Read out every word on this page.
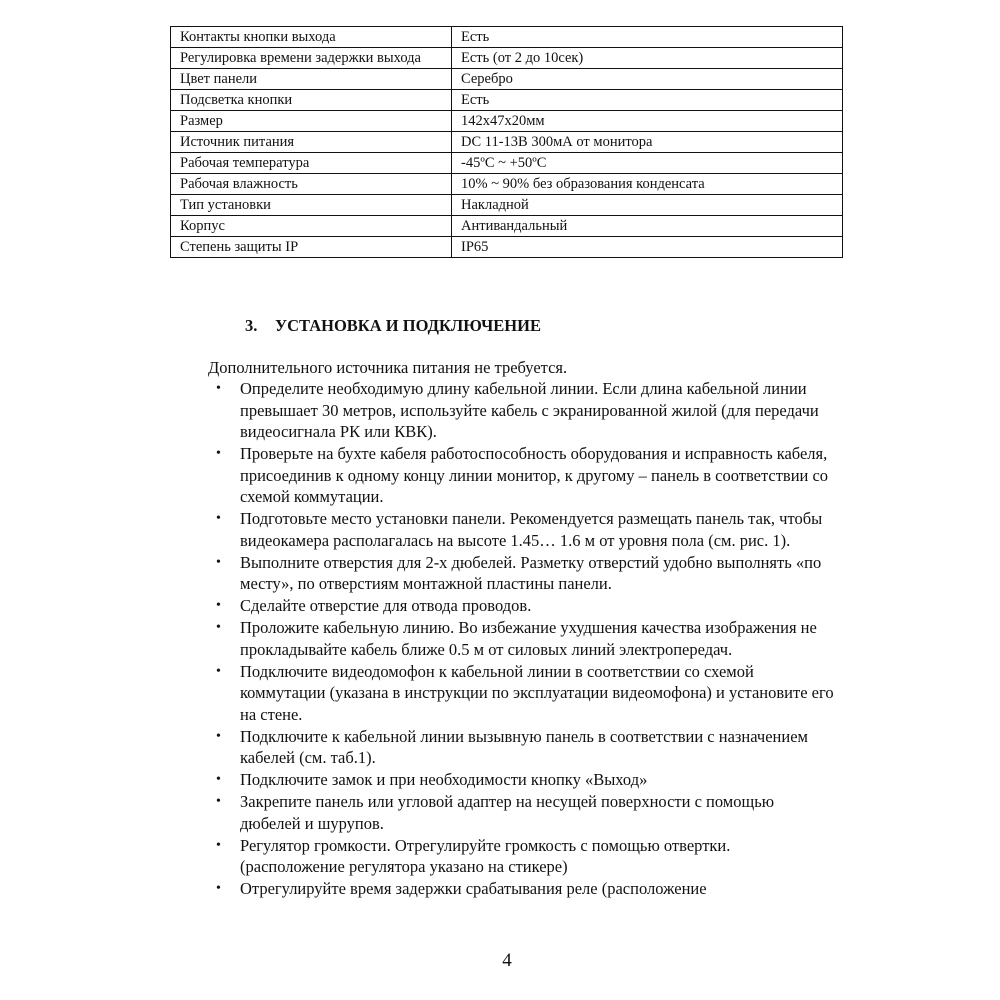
Контакты кнопки выхода	Есть
Регулировка времени задержки выхода	Есть (от 2 до 10сек)
Цвет панели	Серебро
Подсветка кнопки	Есть
Размер	142х47х20мм
Источник питания	DC 11-13В 300мА от монитора
Рабочая температура	-45ºC ~ +50ºC
Рабочая влажность	10% ~ 90% без образования конденсата
Тип установки	Накладной
Корпус	Антивандальный
Степень защиты IP	IP65
3. УСТАНОВКА И ПОДКЛЮЧЕНИЕ

Дополнительного источника питания не требуется.

• Определите необходимую длину кабельной линии. Если длина кабельной линии превышает 30 метров, используйте кабель с экранированной жилой (для передачи видеосигнала РК или КВК).
• Проверьте на бухте кабеля работоспособность оборудования и исправность кабеля, присоединив к одному концу линии монитор, к другому – панель в соответствии со схемой коммутации.
• Подготовьте место установки панели. Рекомендуется размещать панель так, чтобы видеокамера располагалась на высоте 1.45… 1.6 м от уровня пола (см. рис. 1).
• Выполните отверстия для 2-х дюбелей. Разметку отверстий удобно выполнять «по месту», по отверстиям монтажной пластины панели.
• Сделайте отверстие для отвода проводов.
• Проложите кабельную линию. Во избежание ухудшения качества изображения не прокладывайте кабель ближе 0.5 м от силовых линий электропередач.
• Подключите видеодомофон к кабельной линии в соответствии со схемой коммутации (указана в инструкции по эксплуатации видеомофона) и установите его на стене.
• Подключите к кабельной линии вызывную панель в соответствии с назначением кабелей (см. таб.1).
• Подключите замок и при необходимости кнопку «Выход»
• Закрепите панель или угловой адаптер на несущей поверхности с помощью дюбелей и шурупов.
• Регулятор громкости. Отрегулируйте громкость с помощью отвертки. (расположение регулятора указано на стикере)
• Отрегулируйте время задержки срабатывания реле (расположение

4
